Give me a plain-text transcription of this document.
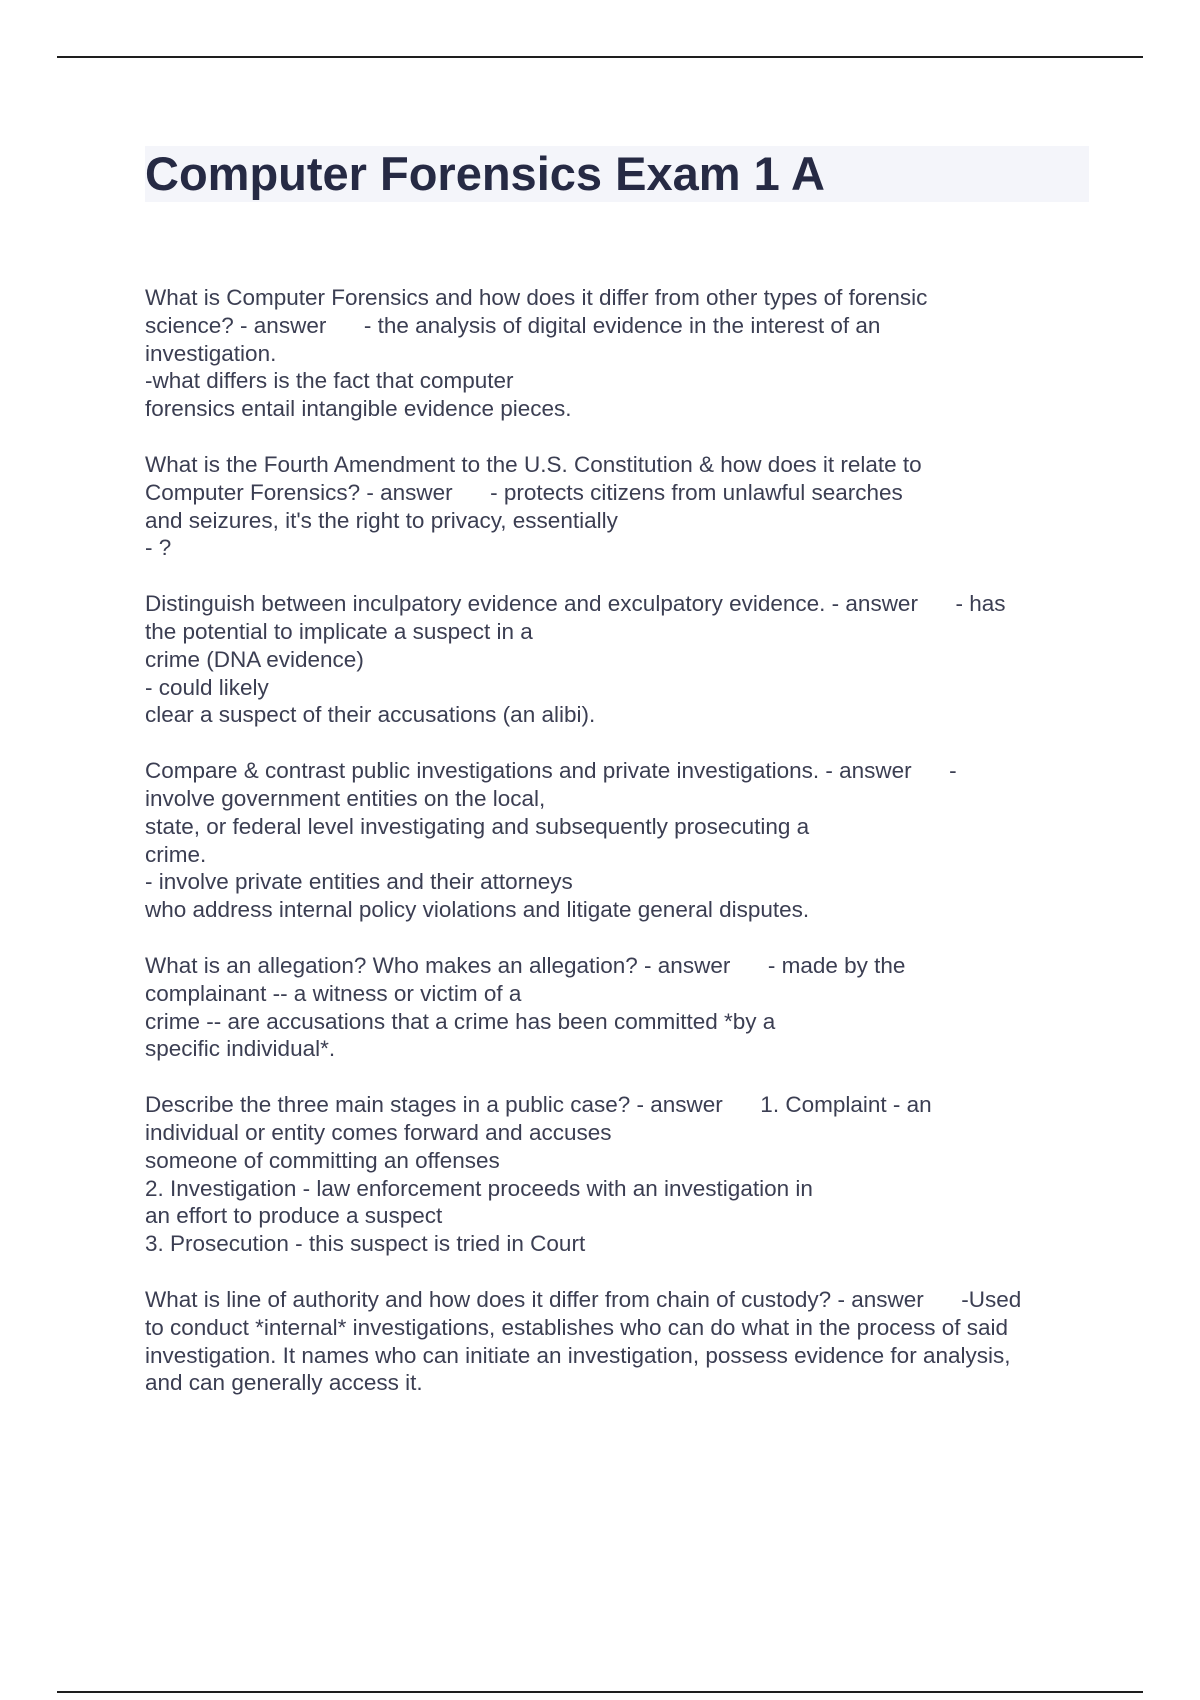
Computer Forensics Exam 1 A
What is Computer Forensics and how does it differ from other types of forensic
science? - answer      - the analysis of digital evidence in the interest of an
investigation.
-what differs is the fact that computer
forensics entail intangible evidence pieces.
What is the Fourth Amendment to the U.S. Constitution & how does it relate to
Computer Forensics? - answer      - protects citizens from unlawful searches
and seizures, it's the right to privacy, essentially
- ?
Distinguish between inculpatory evidence and exculpatory evidence. - answer      - has
the potential to implicate a suspect in a
crime (DNA evidence)
- could likely
clear a suspect of their accusations (an alibi).
Compare & contrast public investigations and private investigations. - answer      -
involve government entities on the local,
state, or federal level investigating and subsequently prosecuting a
crime.
- involve private entities and their attorneys
who address internal policy violations and litigate general disputes.
What is an allegation? Who makes an allegation? - answer      - made by the
complainant -- a witness or victim of a
crime -- are accusations that a crime has been committed *by a
specific individual*.
Describe the three main stages in a public case? - answer      1. Complaint - an
individual or entity comes forward and accuses
someone of committing an offenses
2. Investigation - law enforcement proceeds with an investigation in
an effort to produce a suspect
3. Prosecution - this suspect is tried in Court
What is line of authority and how does it differ from chain of custody? - answer      -Used
to conduct *internal* investigations, establishes who can do what in the process of said
investigation. It names who can initiate an investigation, possess evidence for analysis,
and can generally access it.
